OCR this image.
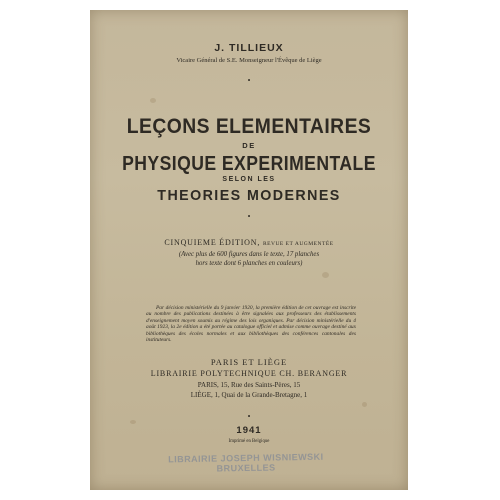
J. TILLIEUX
Vicaire Général de S.E. Monseigneur l'Évêque de Liège
•
LEÇONS ELEMENTAIRES
DE
PHYSIQUE EXPERIMENTALE
SELON LES
THEORIES MODERNES
•
CINQUIEME ÉDITION, REVUE ET AUGMENTÉE
(Avec plus de 600 figures dans le texte, 17 planches
hors texte dont 6 planches en couleurs)
Par décision ministérielle du 9 janvier 1920, la première édition de cet ouvrage est inscrite au nombre des publications destinées à être signalées aux professeurs des établissements d'enseignement moyen soumis au régime des lois organiques. Par décision ministérielle du 4 août 1923, la 2e édition a été portée au catalogue officiel et admise comme ouvrage destiné aux bibliothèques des écoles normales et aux bibliothèques des conférences cantonales des instituteurs.
PARIS ET LIÈGE
LIBRAIRIE POLYTECHNIQUE CH. BERANGER
PARIS, 15, Rue des Saints-Pères, 15
LIÈGE, 1, Quai de la Grande-Bretagne, 1
•
1941
Imprimé en Belgique
LIBRAIRIE JOSEPH WISNIEWSKI
BRUXELLES
